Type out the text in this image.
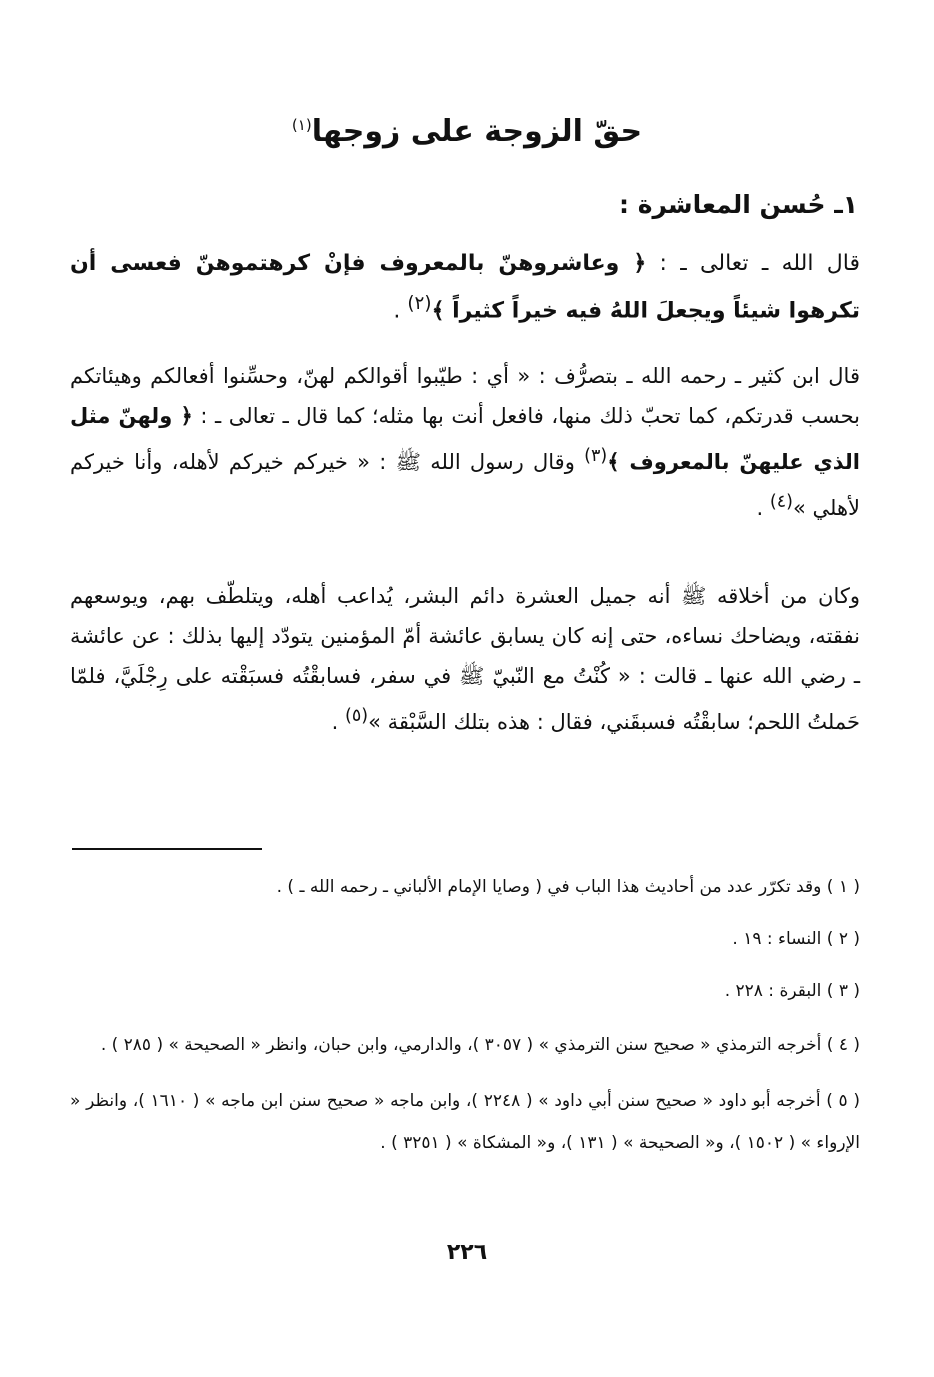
حقّ الزوجة على زوجها$^{(١)}$
١ـ حُسن المعاشرة :
قال الله ـ تعالى ـ : ﴿ وعاشروهنّ بالمعروف فإنْ كرهتموهنّ فعسى أن تكرهوا شيئاً ويجعلَ اللهُ فيه خيراً كثيراً ﴾$^{(٢)}$ .
قال ابن كثير ـ رحمه الله ـ بتصرُّف : « أي : طيّبوا أقوالكم لهنّ، وحسِّنوا أفعالكم وهيئاتكم بحسب قدرتكم، كما تحبّ ذلك منها، فافعل أنت بها مثله؛ كما قال ـ تعالى ـ : ﴿ ولهنّ مثل الذي عليهنّ بالمعروف ﴾$^{(٣)}$ وقال رسول الله ﷺ : « خيركم خيركم لأهله، وأنا خيركم لأهلي »$^{(٤)}$ .
وكان من أخلاقه ﷺ أنه جميل العشرة دائم البشر، يُداعب أهله، ويتلطّف بهم، ويوسعهم نفقته، ويضاحك نساءه، حتى إنه كان يسابق عائشة أمّ المؤمنين يتودّد إليها بذلك : عن عائشة ـ رضي الله عنها ـ قالت : « كُنْتُ مع النّبيّ ﷺ في سفر، فسابقْتُه فسبَقْته على رِجْلَيَّ، فلمّا حَملتُ اللحم؛ سابقْتُه فسبقَني، فقال : هذه بتلك السَّبْقة »$^{(٥)}$ .
( ١ ) وقد تكرّر عدد من أحاديث هذا الباب في ( وصايا الإمام الألباني ـ رحمه الله ـ ) .
( ٢ ) النساء : ١٩ .
( ٣ ) البقرة : ٢٢٨ .
( ٤ ) أخرجه الترمذي « صحيح سنن الترمذي » ( ٣٠٥٧ )، والدارمي، وابن حبان، وانظر « الصحيحة » ( ٢٨٥ ) .
( ٥ ) أخرجه أبو داود « صحيح سنن أبي داود » ( ٢٢٤٨ )، وابن ماجه « صحيح سنن ابن ماجه » ( ١٦١٠ )، وانظر « الإرواء » ( ١٥٠٢ )، و« الصحيحة » ( ١٣١ )، و« المشكاة » ( ٣٢٥١ ) .
٢٢٦
